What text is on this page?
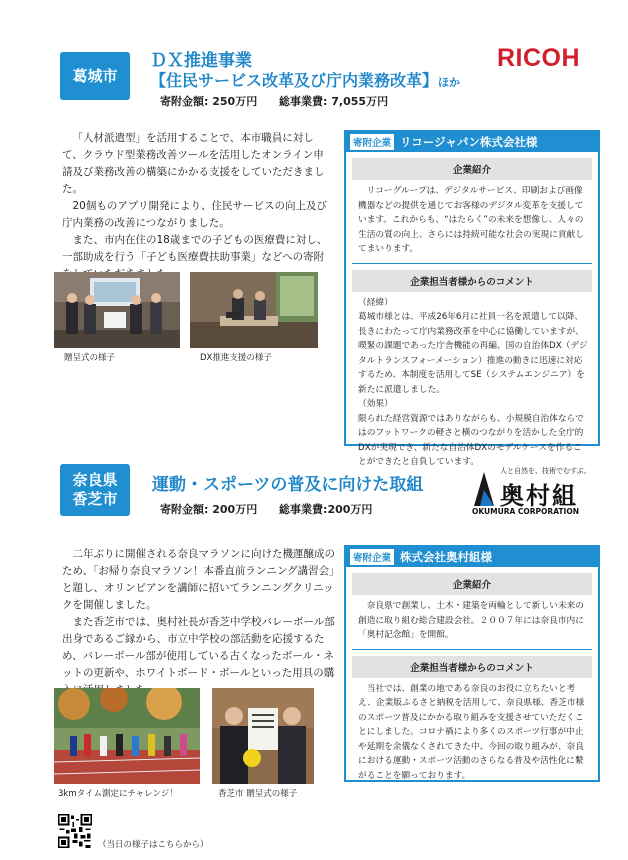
葛城市
ＤＸ推進事業
【住民サービス改革及び庁内業務改革】ほか
寄附金額: 250万円 総事業費: 7,055万円
RICOH

「人材派遣型」を活用することで、本市職員に対して、クラウド型業務改善ツールを活用したオンライン申請及び業務改善の構築にかかる支援をしていただきました。

20個ものアプリ開発により、住民サービスの向上及び庁内業務の改善につながりました。

また、市内在住の18歳までの子どもの医療費に対し、一部助成を行う「子ども医療費扶助事業」などへの寄附

贈呈式の様子	DX推進支援の様子
寄附企業 リコージャパン株式会社様
企業紹介
リコーグループは、デジタルサービス、印刷および画像機器などの提供を通じてお客様のデジタル変革を支援しています。これからも、“はたらく”の未来を想像し、人々の生活の質の向上、さらには持続可能な社会の実現に貢献してまいります。
企業担当者様からのコメント
（経緯）
葛城市様とは、平成26年6月に社員一名を派遣して以降、長きにわたって庁内業務改革を中心に協働していますが、喫緊の課題であった庁舎機能の再編、国の自治体DX（デジタルトランスフォーメーション）推進の動きに迅速に対応するため、本制度を活用してSE（システムエンジニア）を新たに派遣しました。
（効果）
限られた経営資源ではありながらも、小規模自治体ならではのフットワークの軽さと横のつながりを活かした全庁的DXが実現でき、新たな自治体DXのモデルケースを作ることができたと自負しています。
奈良県
香芝市
運動・スポーツの普及に向けた取組
寄附金額: 200万円 総事業費:200万円
人と自然を、技術でむすぶ。
奥村組
OKUMURA CORPORATION

二年ぶりに開催される奈良マラソンに向けた機運醸成のため、「お帰り奈良マラソン！本番直前ランニング講習会」と題し、オリンピアンを講師に招いてランニングクリニックを開催しました。

また香芝市では、奥村社長が香芝中学校バレーボール部出身であるご縁から、市立中学校の部活動を応援するため、バレーボール部が使用している古くなったボール・ネットの更新や、ホワイトボード・ボールといった用具の購

3kmタイム測定にチャレンジ！	香芝市 贈呈式の様子
（当日の様子はこちらから）
寄附企業 株式会社奥村組様
企業紹介
奈良県で創業し、土木・建築を両輪として新しい未来の創造に取り組む総合建設会社。２００７年には奈良市内に「奥村記念館」を開館。
企業担当者様からのコメント
当社では、創業の地である奈良のお役に立ちたいと考え、企業版ふるさと納税を活用して、奈良県様、香芝市様のスポーツ普及にかかる取り組みを支援させていただくことにしました。コロナ禍により多くのスポーツ行事が中止や延期を余儀なくされてきた中、今回の取り組みが、奈良における運動・スポーツ活動のさらなる普及や活性化に繋がることを願っております。
